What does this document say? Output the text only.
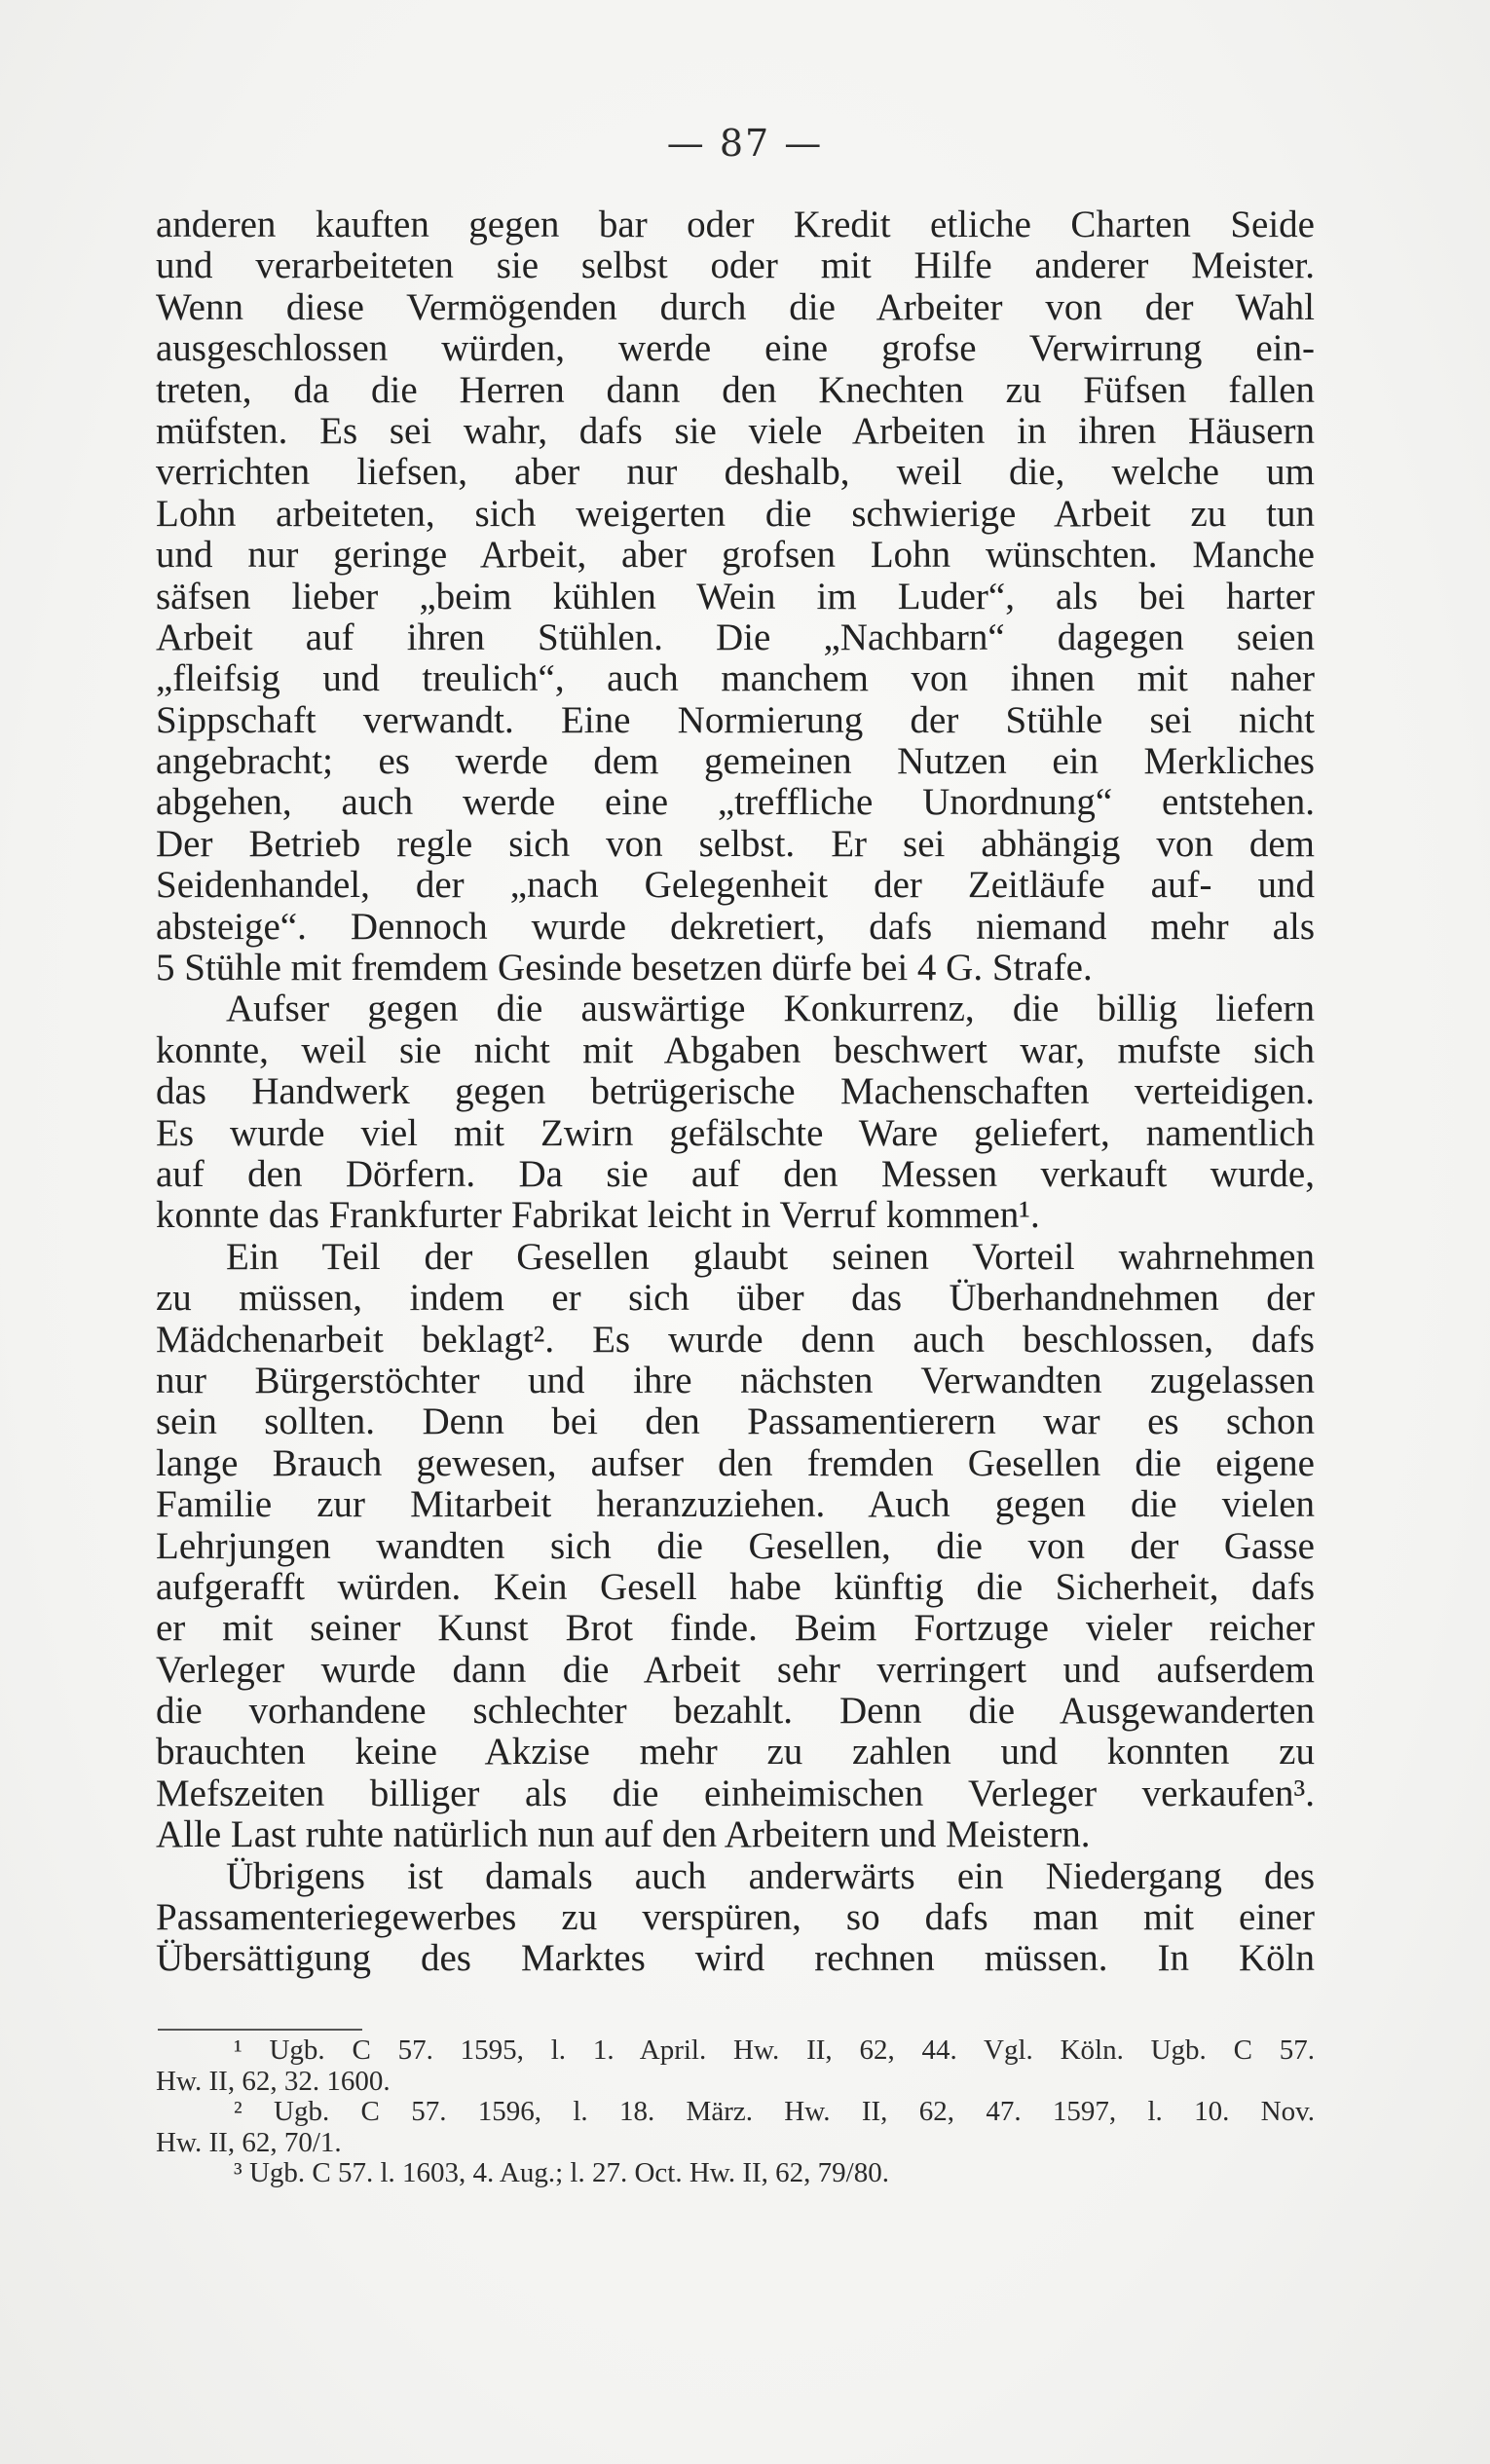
— 87 —
anderen kauften gegen bar oder Kredit etliche Charten Seide
und verarbeiteten sie selbst oder mit Hilfe anderer Meister.
Wenn diese Vermögenden durch die Arbeiter von der Wahl
ausgeschlossen würden, werde eine grofse Verwirrung ein-
treten, da die Herren dann den Knechten zu Füfsen fallen
müfsten. Es sei wahr, dafs sie viele Arbeiten in ihren Häusern
verrichten liefsen, aber nur deshalb, weil die, welche um
Lohn arbeiteten, sich weigerten die schwierige Arbeit zu tun
und nur geringe Arbeit, aber grofsen Lohn wünschten. Manche
säfsen lieber „beim kühlen Wein im Luder“, als bei harter
Arbeit auf ihren Stühlen. Die „Nachbarn“ dagegen seien
„fleifsig und treulich“, auch manchem von ihnen mit naher
Sippschaft verwandt. Eine Normierung der Stühle sei nicht
angebracht; es werde dem gemeinen Nutzen ein Merkliches
abgehen, auch werde eine „treffliche Unordnung“ entstehen.
Der Betrieb regle sich von selbst. Er sei abhängig von dem
Seidenhandel, der „nach Gelegenheit der Zeitläufe auf- und
absteige“. Dennoch wurde dekretiert, dafs niemand mehr als
5 Stühle mit fremdem Gesinde besetzen dürfe bei 4 G. Strafe.
Aufser gegen die auswärtige Konkurrenz, die billig liefern
konnte, weil sie nicht mit Abgaben beschwert war, mufste sich
das Handwerk gegen betrügerische Machenschaften verteidigen.
Es wurde viel mit Zwirn gefälschte Ware geliefert, namentlich
auf den Dörfern. Da sie auf den Messen verkauft wurde,
konnte das Frankfurter Fabrikat leicht in Verruf kommen¹.
Ein Teil der Gesellen glaubt seinen Vorteil wahrnehmen
zu müssen, indem er sich über das Überhandnehmen der
Mädchenarbeit beklagt². Es wurde denn auch beschlossen, dafs
nur Bürgerstöchter und ihre nächsten Verwandten zugelassen
sein sollten. Denn bei den Passamentierern war es schon
lange Brauch gewesen, aufser den fremden Gesellen die eigene
Familie zur Mitarbeit heranzuziehen. Auch gegen die vielen
Lehrjungen wandten sich die Gesellen, die von der Gasse
aufgerafft würden. Kein Gesell habe künftig die Sicherheit, dafs
er mit seiner Kunst Brot finde. Beim Fortzuge vieler reicher
Verleger wurde dann die Arbeit sehr verringert und aufserdem
die vorhandene schlechter bezahlt. Denn die Ausgewanderten
brauchten keine Akzise mehr zu zahlen und konnten zu
Mefszeiten billiger als die einheimischen Verleger verkaufen³.
Alle Last ruhte natürlich nun auf den Arbeitern und Meistern.
Übrigens ist damals auch anderwärts ein Niedergang des
Passamenteriegewerbes zu verspüren, so dafs man mit einer
Übersättigung des Marktes wird rechnen müssen. In Köln
¹ Ugb. C 57. 1595, l. 1. April. Hw. II, 62, 44. Vgl. Köln. Ugb. C 57.
Hw. II, 62, 32. 1600.
² Ugb. C 57. 1596, l. 18. März. Hw. II, 62, 47. 1597, l. 10. Nov.
Hw. II, 62, 70/1.
³ Ugb. C 57. l. 1603, 4. Aug.; l. 27. Oct. Hw. II, 62, 79/80.
